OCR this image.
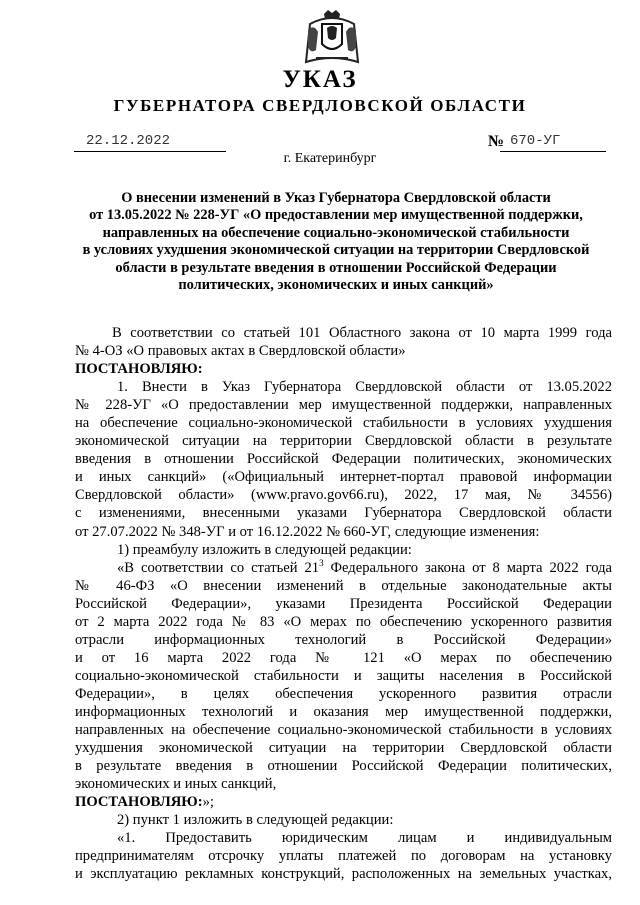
УКАЗ
ГУБЕРНАТОРА СВЕРДЛОВСКОЙ ОБЛАСТИ
22.12.2022	№ 670-УГ
г. Екатеринбург
О внесении изменений в Указ Губернатора Свердловской области
от 13.05.2022 № 228-УГ «О предоставлении мер имущественной поддержки,
направленных на обеспечение социально-экономической стабильности
в условиях ухудшения экономической ситуации на территории Свердловской
области в результате введения в отношении Российской Федерации
политических, экономических и иных санкций»
В соответствии со статьей 101 Областного закона от 10 марта 1999 года
№ 4-ОЗ «О правовых актах в Свердловской области»
ПОСТАНОВЛЯЮ:
1. Внести в Указ Губернатора Свердловской области от 13.05.2022
№ 228-УГ «О предоставлении мер имущественной поддержки, направленных
на обеспечение социально-экономической стабильности в условиях ухудшения
экономической ситуации на территории Свердловской области в результате
введения в отношении Российской Федерации политических, экономических
и иных санкций» («Официальный интернет-портал правовой информации
Свердловской области» (www.pravo.gov66.ru), 2022, 17 мая, № 34556)
с изменениями, внесенными указами Губернатора Свердловской области
от 27.07.2022 № 348-УГ и от 16.12.2022 № 660-УГ, следующие изменения:
1) преамбулу изложить в следующей редакции:
«В соответствии со статьей $21^3$ Федерального закона от 8 марта 2022 года
№ 46-ФЗ «О внесении изменений в отдельные законодательные акты
Российской Федерации», указами Президента Российской Федерации
от 2 марта 2022 года № 83 «О мерах по обеспечению ускоренного развития
отрасли информационных технологий в Российской Федерации»
и от 16 марта 2022 года № 121 «О мерах по обеспечению
социально-экономической стабильности и защиты населения в Российской
Федерации», в целях обеспечения ускоренного развития отрасли
информационных технологий и оказания мер имущественной поддержки,
направленных на обеспечение социально-экономической стабильности в условиях
ухудшения экономической ситуации на территории Свердловской области
в результате введения в отношении Российской Федерации политических,
экономических и иных санкций,
ПОСТАНОВЛЯЮ:»;
2) пункт 1 изложить в следующей редакции:
«1. Предоставить юридическим лицам и индивидуальным
предпринимателям отсрочку уплаты платежей по договорам на установку
и эксплуатацию рекламных конструкций, расположенных на земельных участках,
